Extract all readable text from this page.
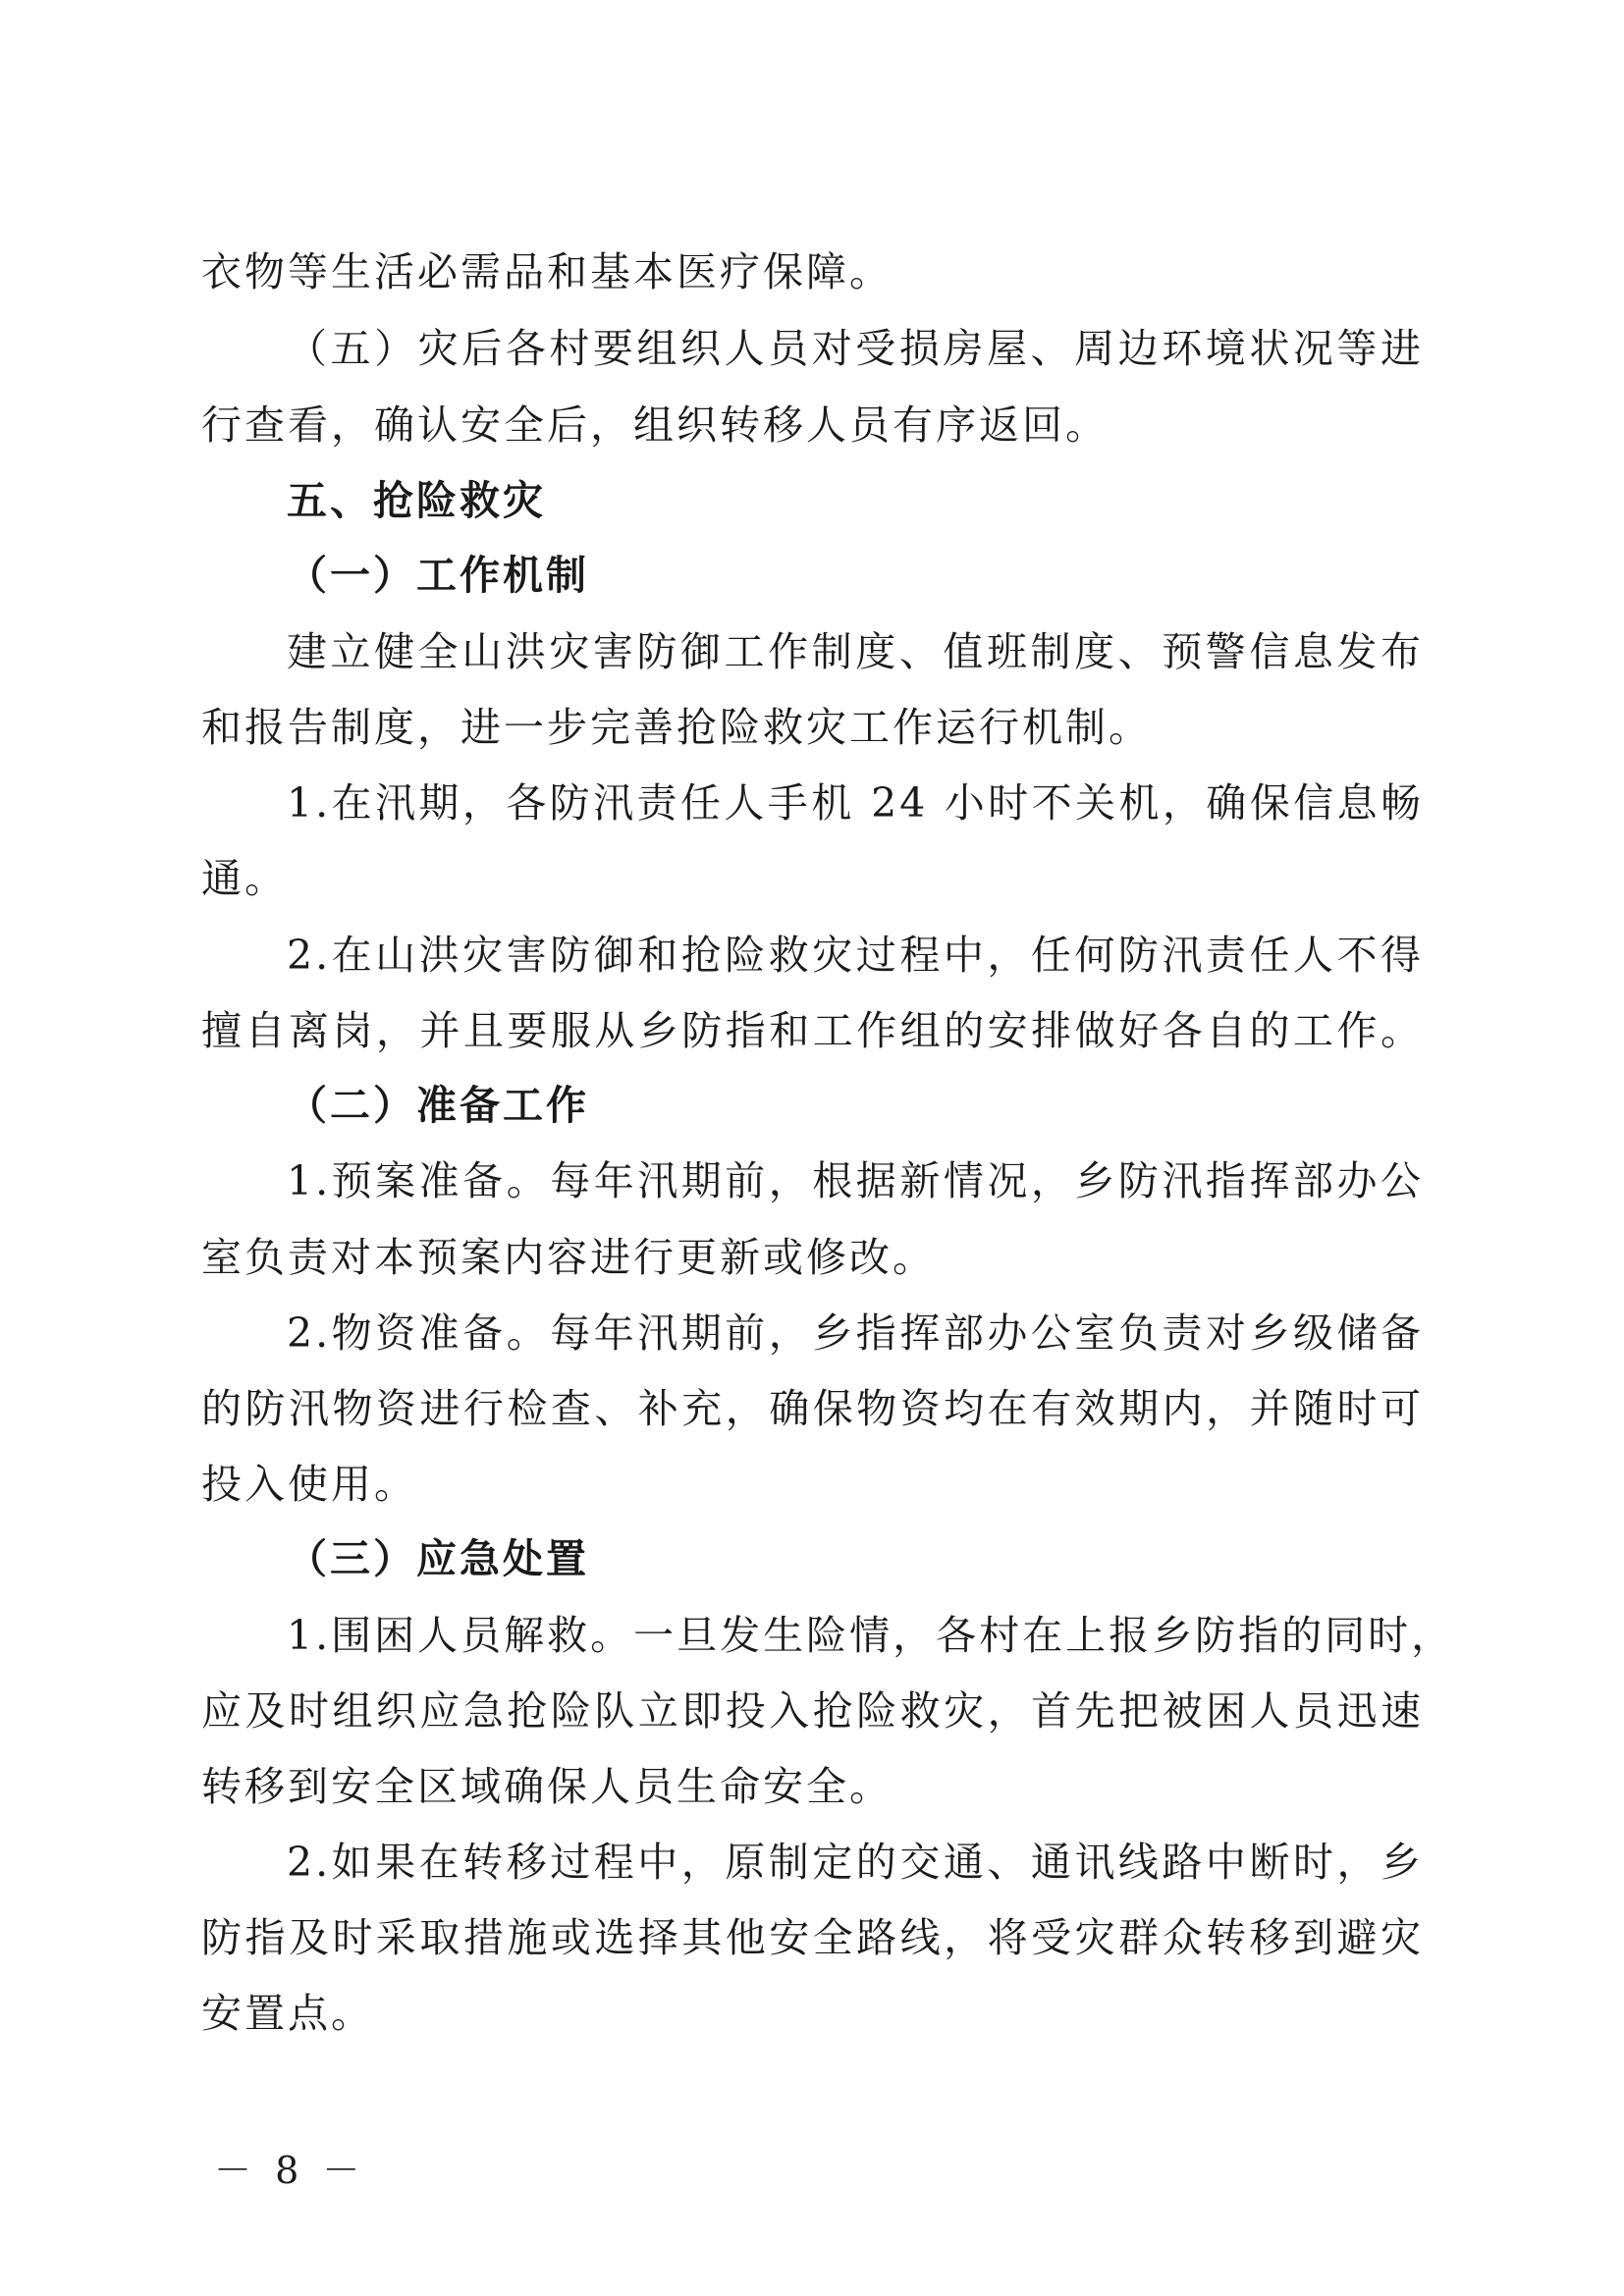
衣物等生活必需品和基本医疗保障。
（五）灾后各村要组织人员对受损房屋、周边环境状况等进
行查看，确认安全后，组织转移人员有序返回。
五、抢险救灾
（一）工作机制
建立健全山洪灾害防御工作制度、值班制度、预警信息发布
和报告制度，进一步完善抢险救灾工作运行机制。
1.在汛期，各防汛责任人手机 24 小时不关机，确保信息畅
通。
2.在山洪灾害防御和抢险救灾过程中，任何防汛责任人不得
擅自离岗，并且要服从乡防指和工作组的安排做好各自的工作。
（二）准备工作
1.预案准备。每年汛期前，根据新情况，乡防汛指挥部办公
室负责对本预案内容进行更新或修改。
2.物资准备。每年汛期前，乡指挥部办公室负责对乡级储备
的防汛物资进行检查、补充，确保物资均在有效期内，并随时可
投入使用。
（三）应急处置
1.围困人员解救。一旦发生险情，各村在上报乡防指的同时，
应及时组织应急抢险队立即投入抢险救灾，首先把被困人员迅速
转移到安全区域确保人员生命安全。
2.如果在转移过程中，原制定的交通、通讯线路中断时，乡
防指及时采取措施或选择其他安全路线，将受灾群众转移到避灾
安置点。
－ 8 －
